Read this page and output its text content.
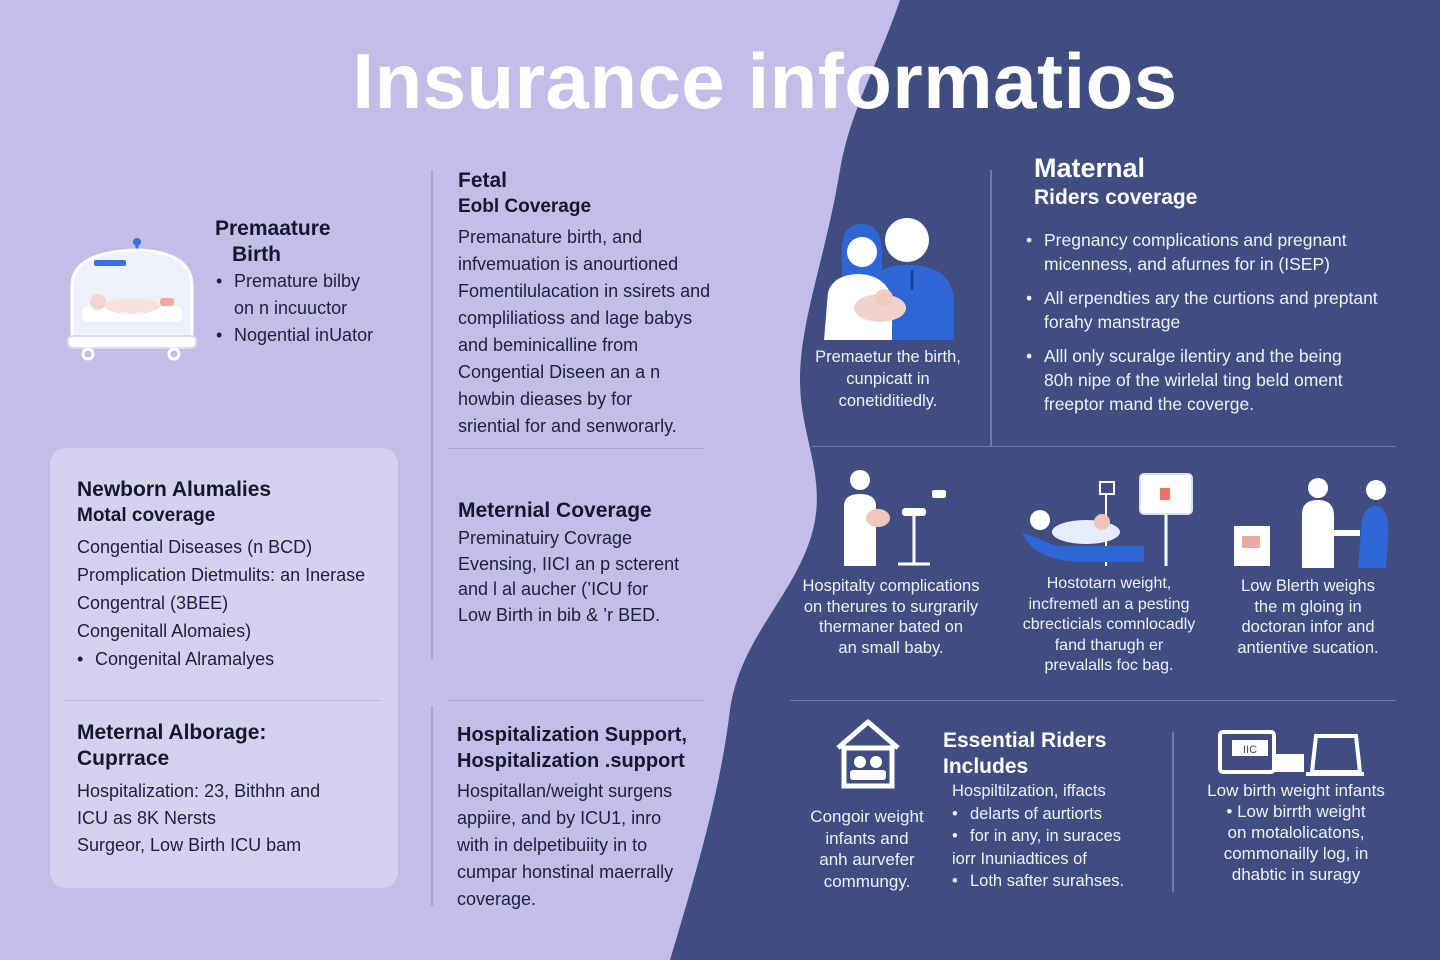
Insurance informatios
Premaature
Birth
• Premature bilby
on n incuuctor
• Nogential inUator
Fetal
Eobl Coverage
Premanature birth, and
infvemuation is anourtioned
Fomentilulacation in ssirets and
compliliatioss and lage babys
and beminicalline from
Congential Diseen an a n
howbin dieases by for
sriential for and senworarly.
Newborn Alumalies
Motal coverage
Congential Diseases (n BCD)
Promplication Dietmulits: an Inerase
Congentral (3BEE)
Congenitall Alomaies)
• Congenital Alramalyes
Meternal Alborage:
Cuprrace
Hospitalization: 23, Bithhn and
ICU as 8K Nersts
Surgeor, Low Birth ICU bam
Meternial Coverage
Preminatuiry Covrage
Evensing, IICI an p scterent
and l al aucher (’ICU for
Low Birth in bib & ’r BED.
Hospitalization Support,
Hospitalization .support
Hospitallan/weight surgens
appiire, and by ICU1, inro
with in delpetibuiity in to
cumpar honstinal maerrally
coverage.
Premaetur the birth,
cunpicatt in
conetiditiedly.
Maternal
Riders coverage
• Pregnancy complications and pregnant
micenness, and afurnes for in (ISEP)
• All erpendties ary the curtions and preptant
forahy manstrage
• Alll only scuralge ilentiry and the being
80h nipe of the wirlelal ting beld oment
freeptor mand the coverge.
Hospitalty complications
on therures to surgrarily
thermaner bated on
an small baby.
Hostotarn weight,
incfremetl an a pesting
cbrecticials comnlocadly
fand tharugh er
prevalalls foc bag.
Low Blerth weighs
the m gloing in
doctoran infor and
antientive sucation.
Congoir weight
infants and
anh aurvefer
commungy.
Essential Riders
Includes
Hospiltilzation, iffacts
• delarts of aurtiorts
• for in any, in suraces
iorr Inuniadtices of
• Loth safter surahses.
IIC
Low birth weight infants
• Low birrth weight
on motalolicatons,
commonailly log, in
dhabtic in suragy
